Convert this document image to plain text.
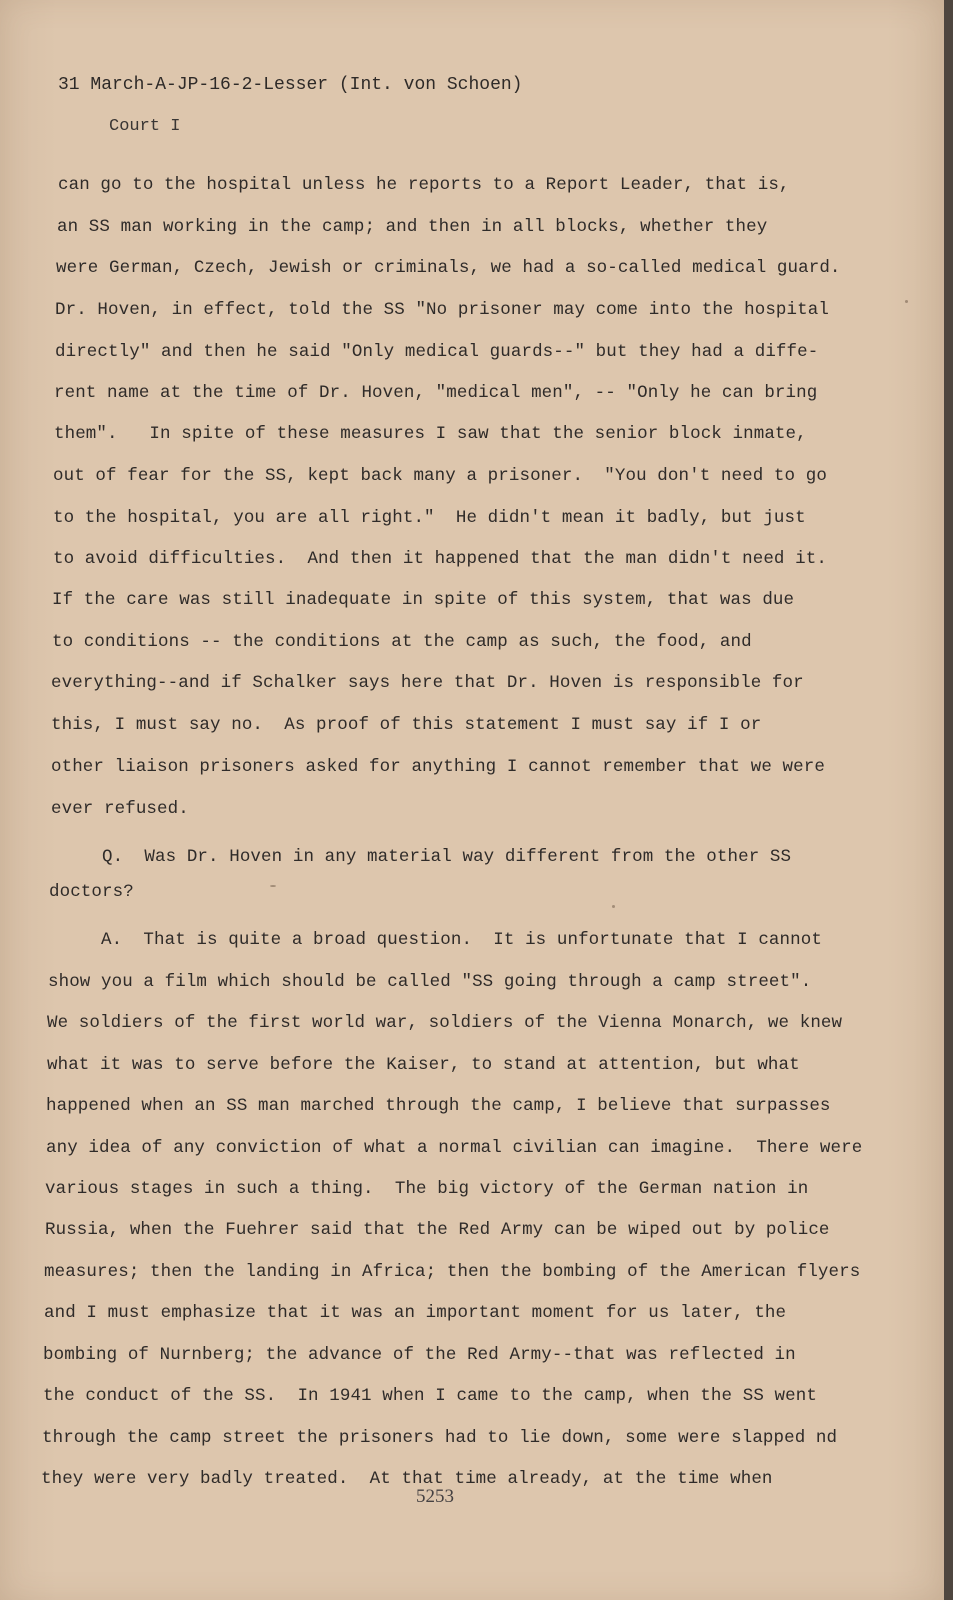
31 March-A-JP-16-2-Lesser (Int. von Schoen)
Court I
can go to the hospital unless he reports to a Report Leader, that is,
an SS man working in the camp; and then in all blocks, whether they
were German, Czech, Jewish or criminals, we had a so-called medical guard.
Dr. Hoven, in effect, told the SS "No prisoner may come into the hospital
directly" and then he said "Only medical guards--" but they had a diffe-
rent name at the time of Dr. Hoven, "medical men", -- "Only he can bring
them".   In spite of these measures I saw that the senior block inmate,
out of fear for the SS, kept back many a prisoner.  "You don't need to go
to the hospital, you are all right."  He didn't mean it badly, but just
to avoid difficulties.  And then it happened that the man didn't need it.
If the care was still inadequate in spite of this system, that was due
to conditions -- the conditions at the camp as such, the food, and
everything--and if Schalker says here that Dr. Hoven is responsible for
this, I must say no.  As proof of this statement I must say if I or
other liaison prisoners asked for anything I cannot remember that we were
ever refused.
Q.  Was Dr. Hoven in any material way different from the other SS
doctors?
A.  That is quite a broad question.  It is unfortunate that I cannot
show you a film which should be called "SS going through a camp street".
We soldiers of the first world war, soldiers of the Vienna Monarch, we knew
what it was to serve before the Kaiser, to stand at attention, but what
happened when an SS man marched through the camp, I believe that surpasses
any idea of any conviction of what a normal civilian can imagine.  There were
various stages in such a thing.  The big victory of the German nation in
Russia, when the Fuehrer said that the Red Army can be wiped out by police
measures; then the landing in Africa; then the bombing of the American flyers
and I must emphasize that it was an important moment for us later, the
bombing of Nurnberg; the advance of the Red Army--that was reflected in
the conduct of the SS.  In 1941 when I came to the camp, when the SS went
through the camp street the prisoners had to lie down, some were slapped nd
they were very badly treated.  At that time already, at the time when
5253
